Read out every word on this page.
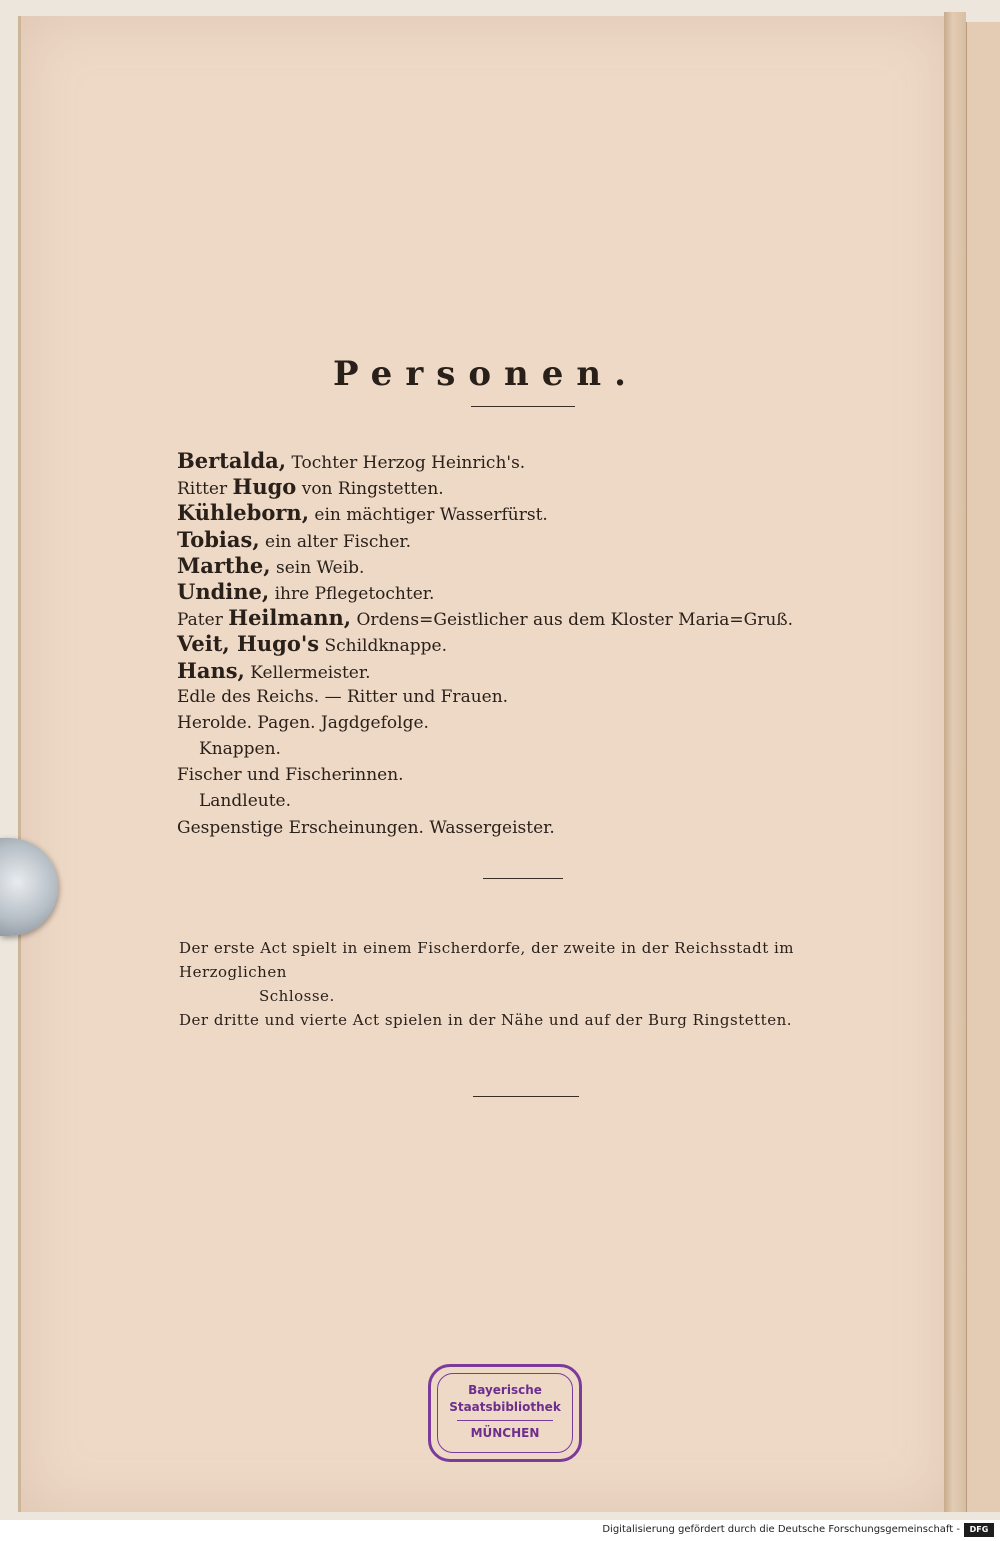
Personen.
Bertalda, Tochter Herzog Heinrich's.
Ritter Hugo von Ringstetten.
Kühleborn, ein mächtiger Wasserfürst.
Tobias, ein alter Fischer.
Marthe, sein Weib.
Undine, ihre Pflegetochter.
Pater Heilmann, Ordens=Geistlicher aus dem Kloster Maria=Gruß.
Veit, Hugo's Schildknappe.
Hans, Kellermeister.
Edle des Reichs. — Ritter und Frauen.
Herolde. Pagen. Jagdgefolge.
Knappen.
Fischer und Fischerinnen.
Landleute.
Gespenstige Erscheinungen. Wassergeister.

Der erste Act spielt in einem Fischerdorfe, der zweite in der Reichsstadt im Herzoglichen

Schlosse.

Der dritte und vierte Act spielen in der Nähe und auf der Burg Ringstetten.

Bayerische
Staatsbibliothek
MÜNCHEN
Digitalisierung gefördert durch die Deutsche Forschungsgemeinschaft -	DFG
